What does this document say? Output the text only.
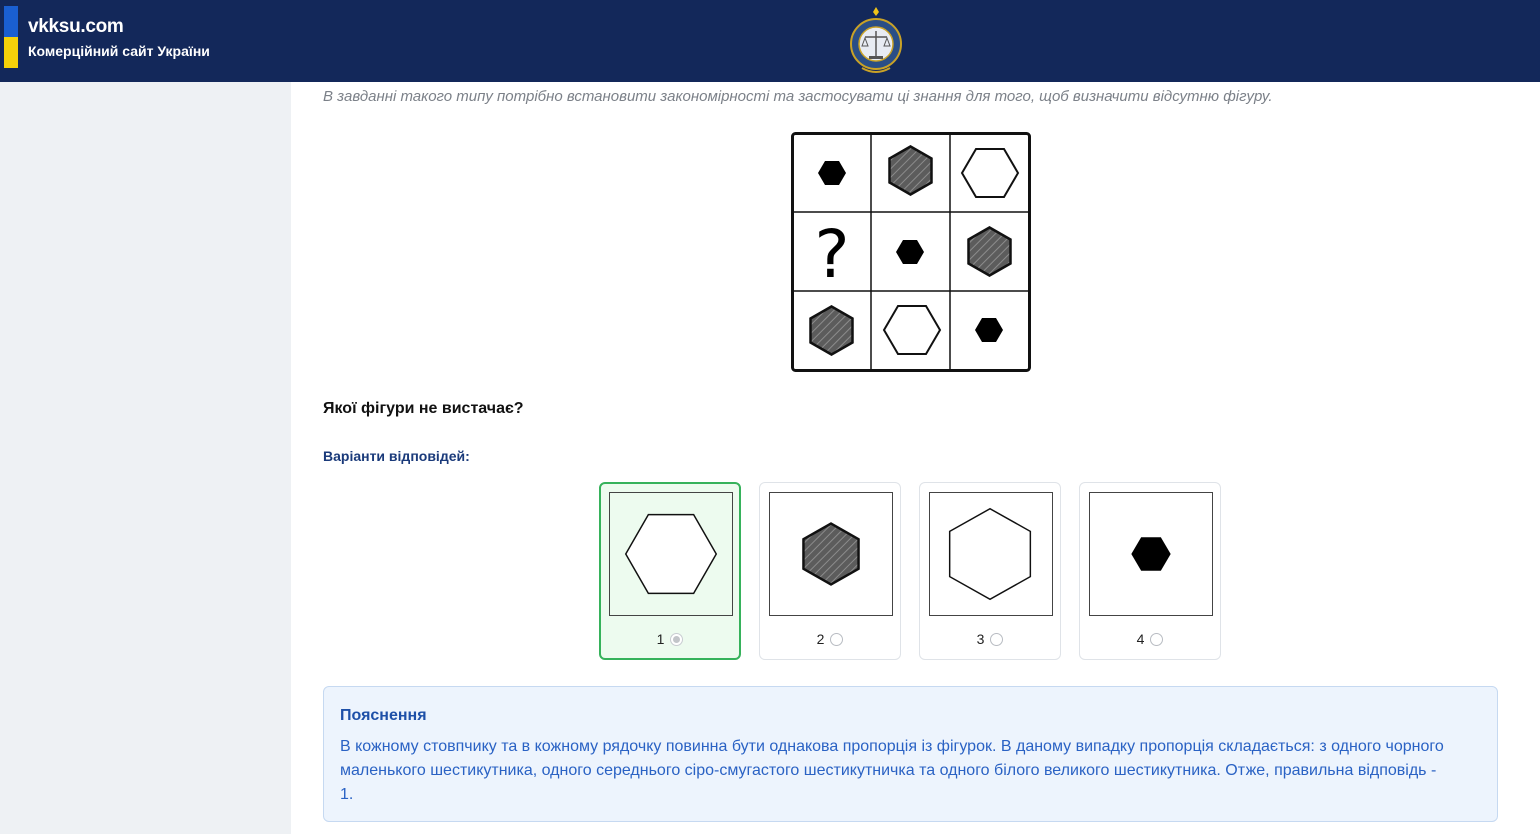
vkksu.com
Комерційний сайт України
В завданні такого типу потрібно встановити закономірності та застосувати ці знання для того, щоб визначити відсутню фігуру.
?
Якої фігури не вистачає?
Варіанти відповідей:
1	2	3	4
Пояснення
В кожному стовпчику та в кожному рядочку повинна бути однакова пропорція із фігурок. В даному випадку пропорція складається: з одного чорного маленького шестикутника, одного середнього сіро-смугастого шестикутничка та одного білого великого шестикутника. Отже, правильна відповідь - 1.
